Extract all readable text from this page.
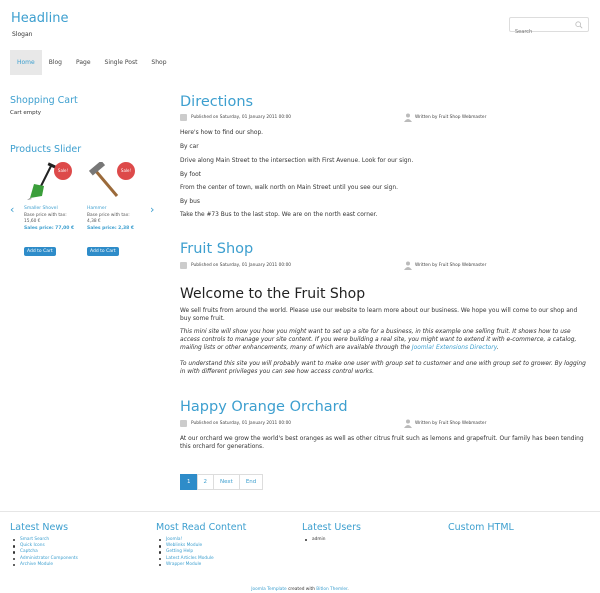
Headline
Slogan
Search
Home	Blog	Page	Single Post	Shop
Shopping Cart
Cart empty
Products Slider
‹	›
Sale!
Smaller Shovel
Base price with tax:
15,60 €
Sales price: 77,00 €
Add to Cart
Sale!
Hammer
Base price with tax:
4,38 €
Sales price: 2,38 €
Add to Cart
Directions
Published on Saturday, 01 January 2011 00:00	Written by Fruit Shop Webmaster
Here's how to find our shop.
By car
Drive along Main Street to the intersection with First Avenue. Look for our sign.
By foot
From the center of town, walk north on Main Street until you see our sign.
By bus
Take the #73 Bus to the last stop. We are on the north east corner.
Fruit Shop
Published on Saturday, 01 January 2011 00:00	Written by Fruit Shop Webmaster
Welcome to the Fruit Shop
We sell fruits from around the world. Please use our website to learn more about our business. We hope you will come to our shop and buy some fruit.
This mini site will show you how you might want to set up a site for a business, in this example one selling fruit. It shows how to use access controls to manage your site content. If you were building a real site, you might want to extend it with e-commerce, a catalog, mailing lists or other enhancements, many of which are available through the Joomla! Extensions Directory.
To understand this site you will probably want to make one user with group set to customer and one with group set to grower. By logging in with different privileges you can see how access control works.
Happy Orange Orchard
Published on Saturday, 01 January 2011 00:00	Written by Fruit Shop Webmaster
At our orchard we grow the world's best oranges as well as other citrus fruit such as lemons and grapefruit. Our family has been tending this orchard for generations.
1	2	Next	End
Latest News
Smart Search
Quick Icons
Captcha
Administrator Components
Archive Module
Most Read Content
Joomla!
Weblinks Module
Getting Help
Latest Articles Module
Wrapper Module
Latest Users
admin
Custom HTML
Joomla Template created with Bitlon Themler.
